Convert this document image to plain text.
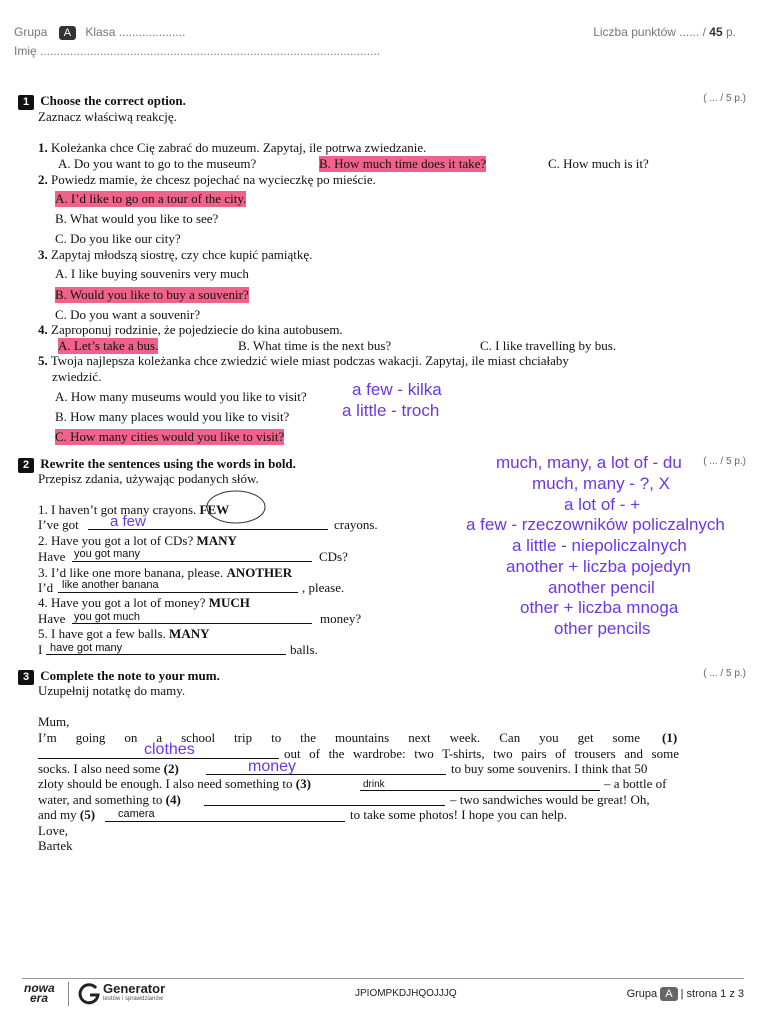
Grupa A Klasa ....................	Liczba punktów ...... / 45 p.
Imię ......................................................................................................
1 Choose the correct option.
Zaznacz właściwą reakcję.
( ... / 5 p.)
1. Koleżanka chce Cię zabrać do muzeum. Zapytaj, ile potrwa zwiedzanie.
A. Do you want to go to the museum?	B. How much time does it take?	C. How much is it?
2. Powiedz mamie, że chcesz pojechać na wycieczkę po mieście.
A. I’d like to go on a tour of the city.
B. What would you like to see?
C. Do you like our city?
3. Zapytaj młodszą siostrę, czy chce kupić pamiątkę.
A. I like buying souvenirs very much
B. Would you like to buy a souvenir?
C. Do you want a souvenir?
4. Zaproponuj rodzinie, że pojedziecie do kina autobusem.
A. Let’s take a bus.	B. What time is the next bus?	C. I like travelling by bus.
5. Twoja najlepsza koleżanka chce zwiedzić wiele miast podczas wakacji. Zapytaj, ile miast chciałaby
zwiedzić.
A. How many museums would you like to visit?
B. How many places would you like to visit?
C. How many cities would you like to visit?
a few - kilka
a little - troch
2 Rewrite the sentences using the words in bold.
Przepisz zdania, używając podanych słów.
( ... / 5 p.)
1. I haven’t got many crayons. FEW
I’ve got a few	crayons.
2. Have you got a lot of CDs? MANY
Have you got many	CDs?
3. I’d like one more banana, please. ANOTHER
I’d like another banana	, please.
4. Have you got a lot of money? MUCH
Have you got much	money?
5. I have got a few balls. MANY
I have got many	balls.
much, many, a lot of - du
much, many - ?, X
a lot of - +
a few - rzeczowników policzalnych
a little - niepoliczalnych
another + liczba pojedyn
another pencil
other + liczba mnoga
other pencils
3 Complete the note to your mum.
Uzupełnij notatkę do mamy.
( ... / 5 p.)
Mum,
I’m going on a school trip to the mountains next week. Can you get some (1)
clothes	out of the wardrobe: two T-shirts, two pairs of trousers and some
socks. I also need some (2)	money	to buy some souvenirs. I think that 50
zloty should be enough. I also need something to (3)	drink	– a bottle of
water, and something to (4)	– two sandwiches would be great! Oh,
and my (5) camera	to take some photos! I hope you can help.
Love,
Bartek
nowa
era
Generator
testów i sprawdzianów	JPIOMPKDJHQOJJJQ	Grupa A | strona 1 z 3
